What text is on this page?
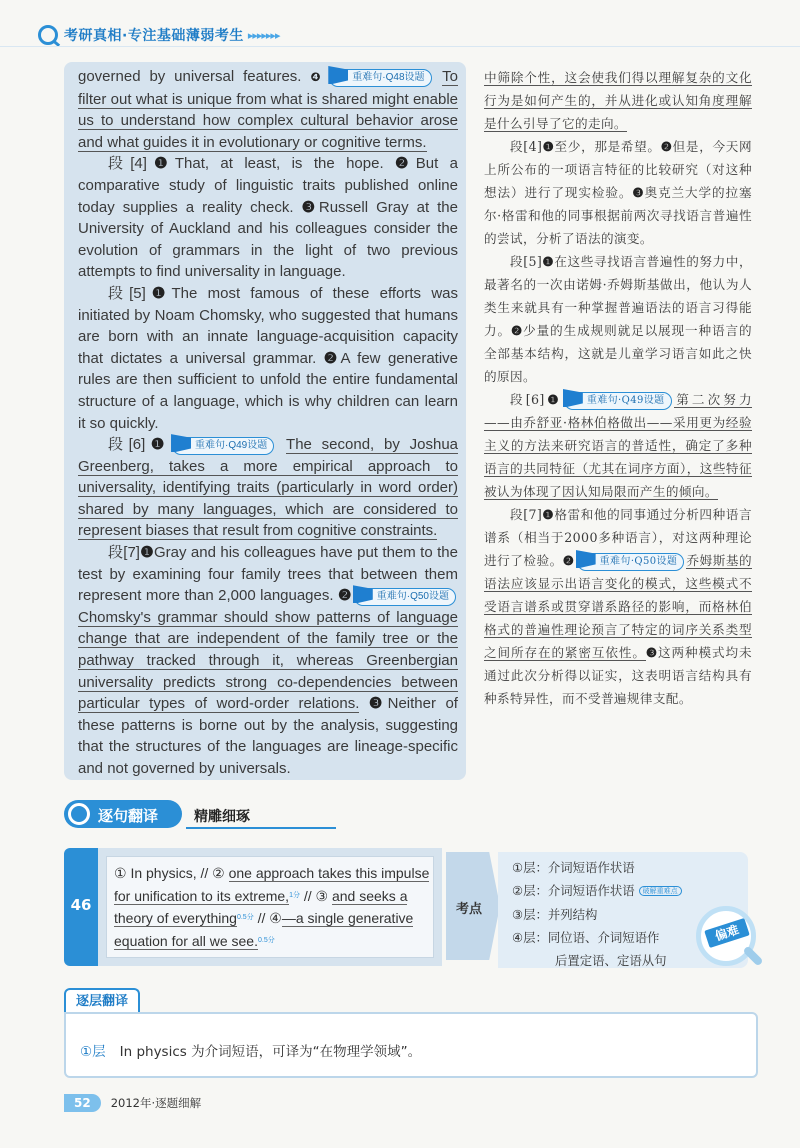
考研真相·专注基础薄弱考生 ▸▸▸▸▸▸▸

governed by universal features. ❹	重难句·Q48设题 To filter out what is unique from what is shared might enable us to understand how complex cultural behavior arose and what guides it in evolutionary or cognitive terms.

段[4]❶That, at least, is the hope. ❷But a comparative study of linguistic traits published online today supplies a reality check. ❸Russell Gray at the University of Auckland and his colleagues consider the evolution of grammars in the light of two previous attempts to find universality in language.

段[5]❶The most famous of these efforts was initiated by Noam Chomsky, who suggested that humans are born with an innate language-acquisition capacity that dictates a universal grammar. ❷A few generative rules are then sufficient to unfold the entire fundamental structure of a language, which is why children can learn it so quickly.

段[6]❶	重难句·Q49设题 The second, by Joshua Greenberg, takes a more empirical approach to universality, identifying traits (particularly in word order) shared by many languages, which are considered to represent biases that result from cognitive constraints.

段[7]❶Gray and his colleagues have put them to the test by examining four family trees that between them represent more than 2,000 languages. ❷	重难句·Q50设题 Chomsky's grammar should show patterns of language change that are independent of the family tree or the pathway tracked through it, whereas Greenbergian universality predicts strong co-dependencies between particular types of word-order relations. ❸Neither of these patterns is borne out by the analysis, suggesting that the structures of the languages are lineage-specific and not governed by universals.

中筛除个性，这会使我们得以理解复杂的文化行为是如何产生的，并从进化或认知角度理解是什么引导了它的走向。

段[4]❶至少，那是希望。❷但是，今天网上所公布的一项语言特征的比较研究（对这种想法）进行了现实检验。❸奥克兰大学的拉塞尔·格雷和他的同事根据前两次寻找语言普遍性的尝试，分析了语法的演变。

段[5]❶在这些寻找语言普遍性的努力中，最著名的一次由诺姆·乔姆斯基做出，他认为人类生来就具有一种掌握普遍语法的语言习得能力。❷少量的生成规则就足以展现一种语言的全部基本结构，这就是儿童学习语言如此之快的原因。

段[6]❶	重难句·Q49设题 第二次努力——由乔舒亚·格林伯格做出——采用更为经验主义的方法来研究语言的普适性，确定了多种语言的共同特征（尤其在词序方面），这些特征被认为体现了因认知局限而产生的倾向。

段[7]❶格雷和他的同事通过分析四种语言谱系（相当于2000多种语言），对这两种理论进行了检验。❷	重难句·Q50设题 乔姆斯基的语法应该显示出语言变化的模式，这些模式不受语言谱系或贯穿谱系路径的影响，而格林伯格式的普遍性理论预言了特定的词序关系类型之间所存在的紧密互依性。❸这两种模式均未通过此次分析得以证实，这表明语言结构具有种系特异性，而不受普遍规律支配。

逐句翻译	精雕细琢
46
① In physics, // ② one approach takes this impulse for unification to its extreme,$^{1分}$ // ③ and seeks a theory of everything$^{0.5分}$ // ④—a single generative equation for all we see.$^{0.5分}$
考点
①层：介词短语作状语
②层：介词短语作状语 破解重难点
③层：并列结构
④层：同位语、介词短语作
后置定语、定语从句
偏难
逐层翻译
①层 In physics 为介词短语，可译为“在物理学领域”。
52	2012年·逐题细解
